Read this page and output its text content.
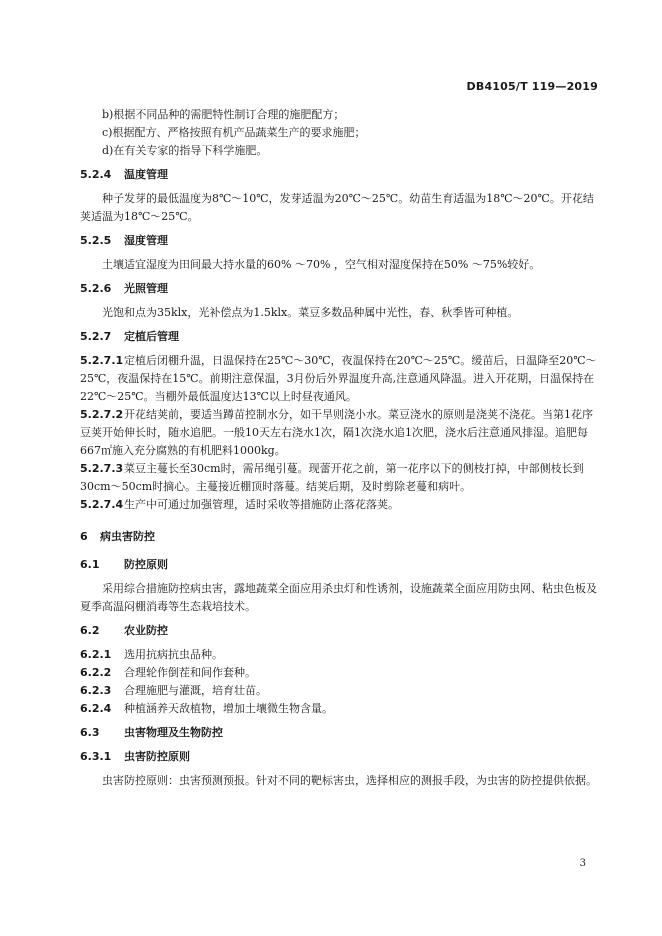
DB4105/T 119—2019

b)根据不同品种的需肥特性制订合理的施肥配方；

c)根据配方、严格按照有机产品蔬菜生产的要求施肥；

d)在有关专家的指导下科学施肥。

5.2.4 温度管理

种子发芽的最低温度为8℃～10℃，发芽适温为20℃～25℃。幼苗生育适温为18℃～20℃。开花结荚适温为18℃～25℃。

5.2.5 湿度管理

土壤适宜湿度为田间最大持水量的60% ～70% ，空气相对湿度保持在50% ～75%较好。

5.2.6 光照管理

光饱和点为35klx，光补偿点为1.5klx。菜豆多数品种属中光性，春、秋季皆可种植。

5.2.7 定植后管理

5.2.7.1定植后闭棚升温，日温保持在25℃～30℃，夜温保持在20℃～25℃。缓苗后，日温降至20℃～25℃，夜温保持在15℃。前期注意保温，3月份后外界温度升高,注意通风降温。进入开花期，日温保持在22℃～25℃。当棚外最低温度达13℃以上时昼夜通风。

5.2.7.2开花结荚前，要适当蹲苗控制水分，如干旱则浇小水。菜豆浇水的原则是浇荚不浇花。当第1花序豆荚开始伸长时，随水追肥。一般10天左右浇水1次，隔1次浇水追1次肥，浇水后注意通风排湿。追肥每667㎡施入充分腐熟的有机肥料1000kg。

5.2.7.3菜豆主蔓长至30cm时，需吊绳引蔓。现蕾开花之前，第一花序以下的侧枝打掉，中部侧枝长到30cm～50cm时摘心。主蔓接近棚顶时落蔓。结荚后期，及时剪除老蔓和病叶。

5.2.7.4生产中可通过加强管理，适时采收等措施防止落花落荚。

6 病虫害防控

6.1 防控原则

采用综合措施防控病虫害，露地蔬菜全面应用杀虫灯和性诱剂，设施蔬菜全面应用防虫网、粘虫色板及夏季高温闷棚消毒等生态栽培技术。

6.2 农业防控

6.2.1 选用抗病抗虫品种。

6.2.2 合理轮作倒茬和间作套种。

6.2.3 合理施肥与灌溉，培育壮苗。

6.2.4 种植涵养天敌植物，增加土壤微生物含量。

6.3 虫害物理及生物防控

6.3.1 虫害防控原则

虫害防控原则：虫害预测预报。针对不同的靶标害虫，选择相应的测报手段，为虫害的防控提供依据。

3
